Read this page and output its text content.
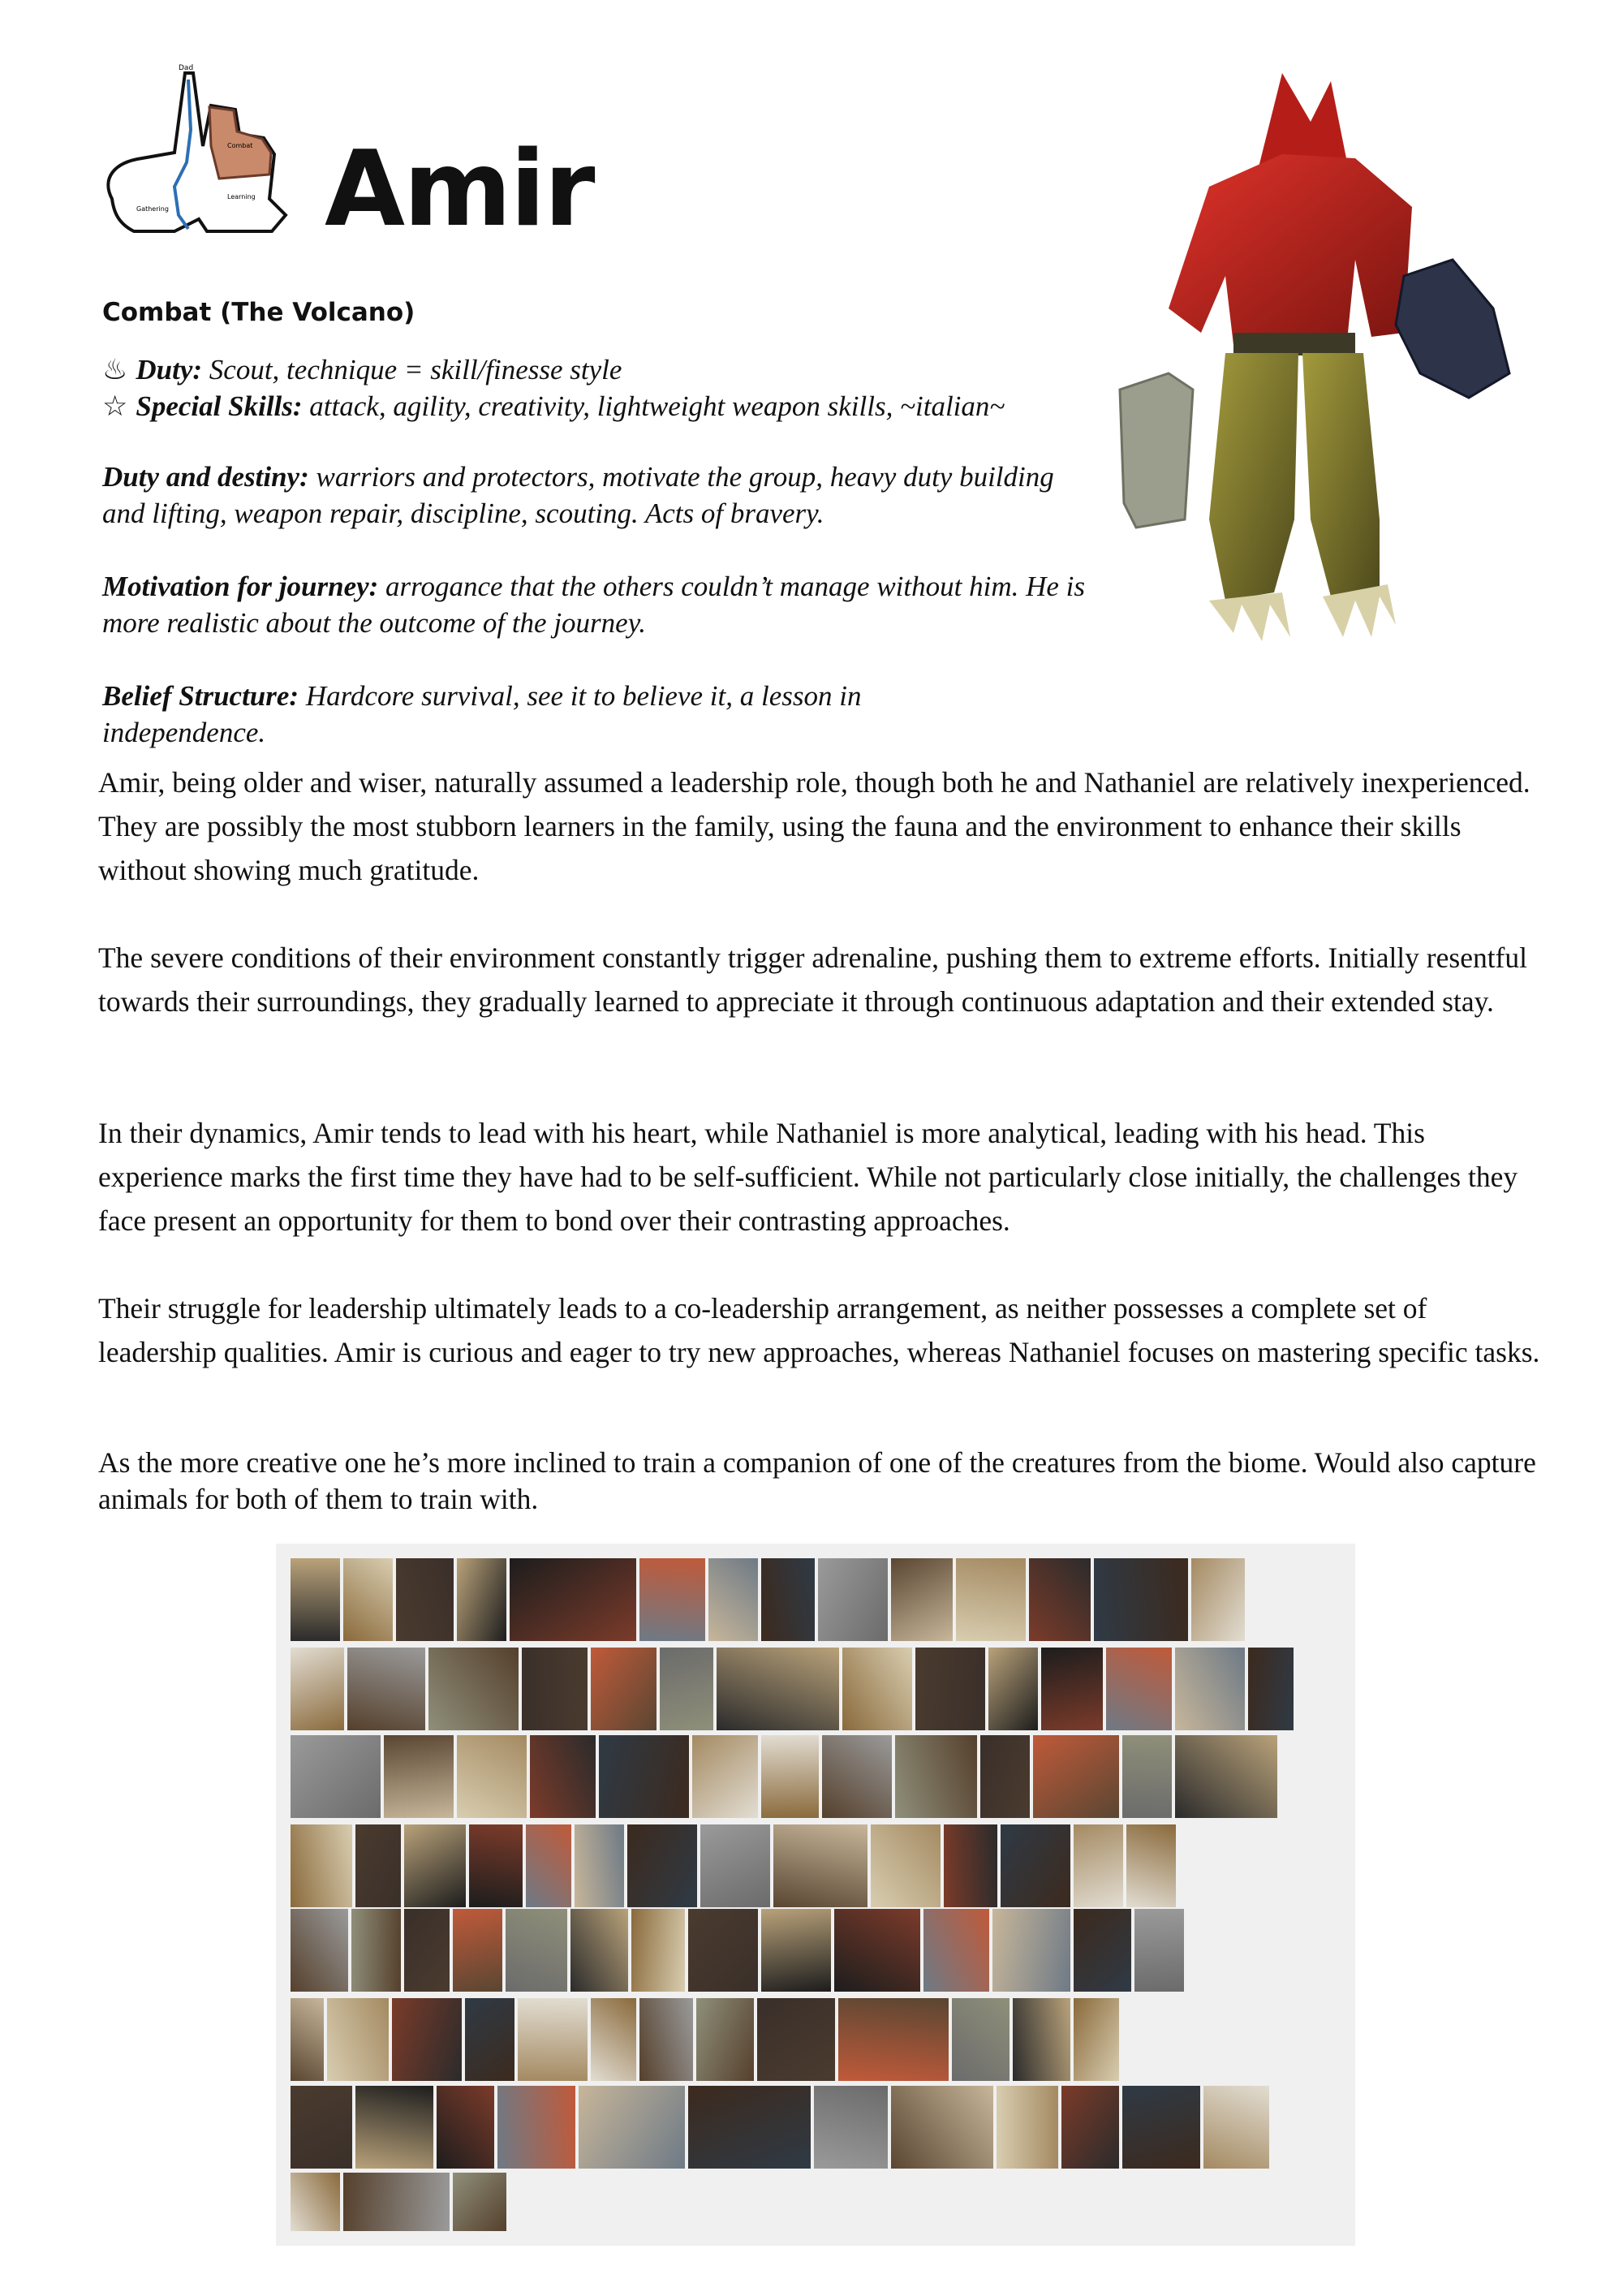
Dad
Combat
Learning
Gathering Amir
Combat (The Volcano)
♨ Duty: Scout, technique = skill/finesse style
☆ Special Skills: attack, agility, creativity, lightweight weapon skills, ~italian~
Duty and destiny: warriors and protectors, motivate the group, heavy duty building and lifting, weapon repair, discipline, scouting. Acts of bravery.
Motivation for journey: arrogance that the others couldn’t manage without him. He is more realistic about the outcome of the journey.
Belief Structure: Hardcore survival, see it to believe it, a lesson in independence.

Amir, being older and wiser, naturally assumed a leadership role, though both he and Nathaniel are relatively inexperienced. They are possibly the most stubborn learners in the family, using the fauna and the environment to enhance their skills without showing much gratitude.

The severe conditions of their environment constantly trigger adrenaline, pushing them to extreme efforts. Initially resentful towards their surroundings, they gradually learned to appreciate it through continuous adaptation and their extended stay.

In their dynamics, Amir tends to lead with his heart, while Nathaniel is more analytical, leading with his head. This experience marks the first time they have had to be self-sufficient. While not particularly close initially, the challenges they face present an opportunity for them to bond over their contrasting approaches.

Their struggle for leadership ultimately leads to a co-leadership arrangement, as neither possesses a complete set of leadership qualities. Amir is curious and eager to try new approaches, whereas Nathaniel focuses on mastering specific tasks.

As the more creative one he’s more inclined to train a companion of one of the creatures from the biome. Would also capture animals for both of them to train with.
